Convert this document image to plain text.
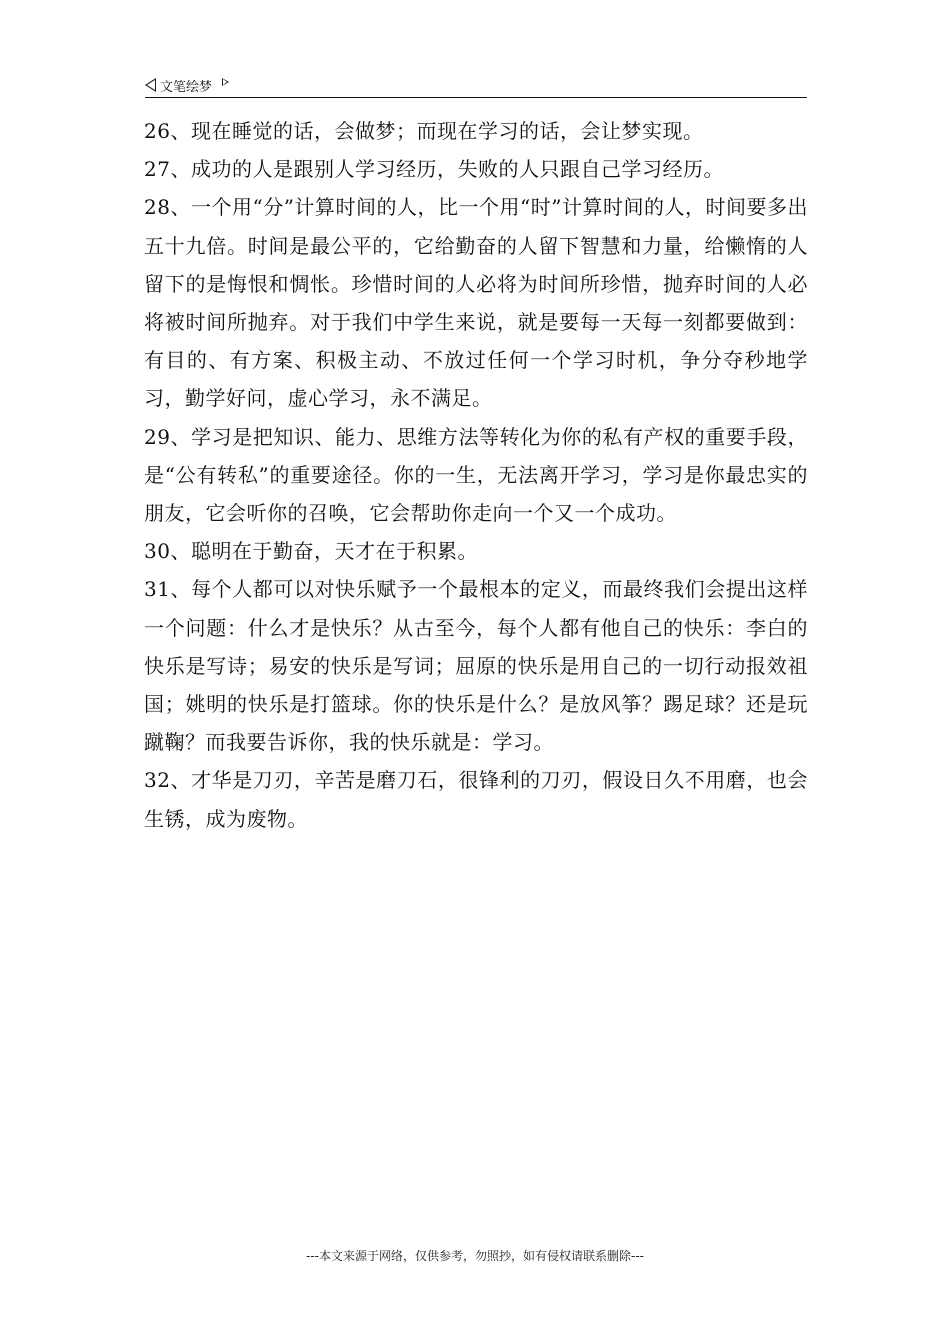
文笔绘梦

26、现在睡觉的话，会做梦；而现在学习的话，会让梦实现。

27、成功的人是跟别人学习经历，失败的人只跟自己学习经历。

28、一个用“分”计算时间的人，比一个用“时”计算时间的人，时间要多出五十九倍。时间是最公平的，它给勤奋的人留下智慧和力量，给懒惰的人留下的是悔恨和惆怅。珍惜时间的人必将为时间所珍惜，抛弃时间的人必将被时间所抛弃。对于我们中学生来说，就是要每一天每一刻都要做到：有目的、有方案、积极主动、不放过任何一个学习时机，争分夺秒地学习，勤学好问，虚心学习，永不满足。

29、学习是把知识、能力、思维方法等转化为你的私有产权的重要手段，是“公有转私”的重要途径。你的一生，无法离开学习，学习是你最忠实的朋友，它会听你的召唤，它会帮助你走向一个又一个成功。

30、聪明在于勤奋，天才在于积累。

31、每个人都可以对快乐赋予一个最根本的定义，而最终我们会提出这样一个问题：什么才是快乐？从古至今，每个人都有他自己的快乐：李白的快乐是写诗；易安的快乐是写词；屈原的快乐是用自己的一切行动报效祖国；姚明的快乐是打篮球。你的快乐是什么？是放风筝？踢足球？还是玩蹴鞠？而我要告诉你，我的快乐就是：学习。

32、才华是刀刃，辛苦是磨刀石，很锋利的刀刃，假设日久不用磨，也会生锈，成为废物。

---本文来源于网络，仅供参考，勿照抄，如有侵权请联系删除---
